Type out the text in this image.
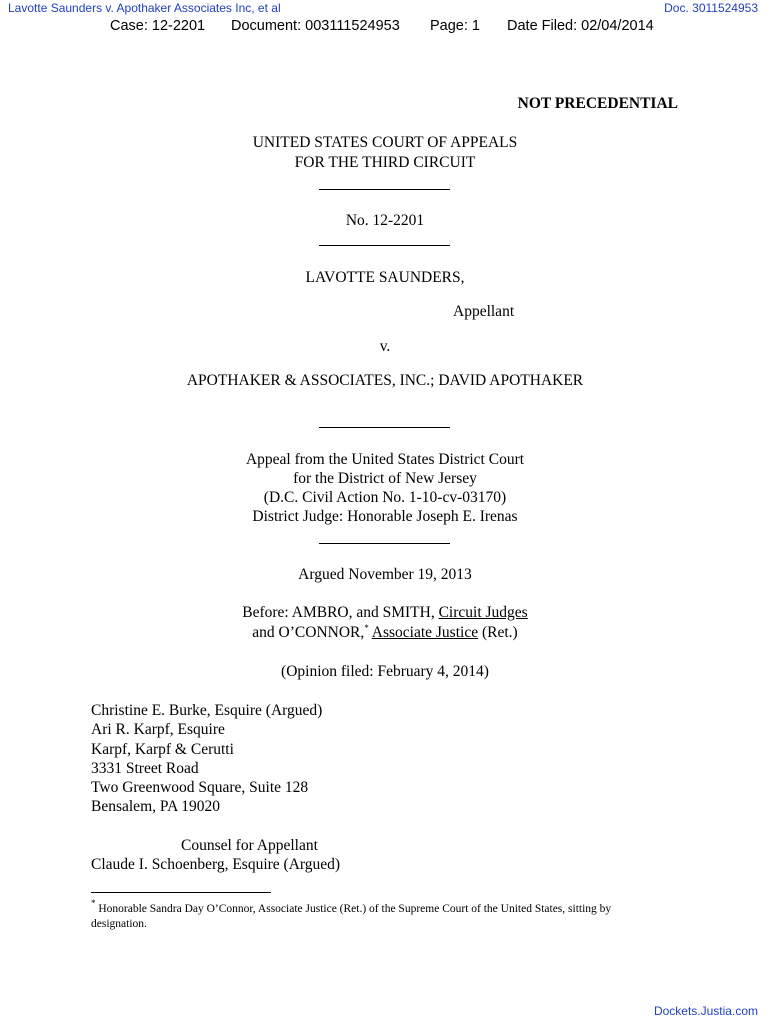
Lavotte Saunders v. Apothaker Associates Inc, et al	Doc. 3011524953
Case: 12-2201 Document: 003111524953 Page: 1 Date Filed: 02/04/2014
NOT PRECEDENTIAL
UNITED STATES COURT OF APPEALS
FOR THE THIRD CIRCUIT
No. 12-2201
LAVOTTE SAUNDERS,
Appellant
v.
APOTHAKER & ASSOCIATES, INC.; DAVID APOTHAKER
Appeal from the United States District Court
for the District of New Jersey
(D.C. Civil Action No. 1-10-cv-03170)
District Judge: Honorable Joseph E. Irenas
Argued November 19, 2013
Before: AMBRO, and SMITH, Circuit Judges
and O’CONNOR,* Associate Justice (Ret.)
(Opinion filed: February 4, 2014)
Christine E. Burke, Esquire (Argued)
Ari R. Karpf, Esquire
Karpf, Karpf & Cerutti
3331 Street Road
Two Greenwood Square, Suite 128
Bensalem, PA 19020
Counsel for Appellant
Claude I. Schoenberg, Esquire (Argued)
* Honorable Sandra Day O’Connor, Associate Justice (Ret.) of the Supreme Court of the United States, sitting by
designation.
Dockets.Justia.com
